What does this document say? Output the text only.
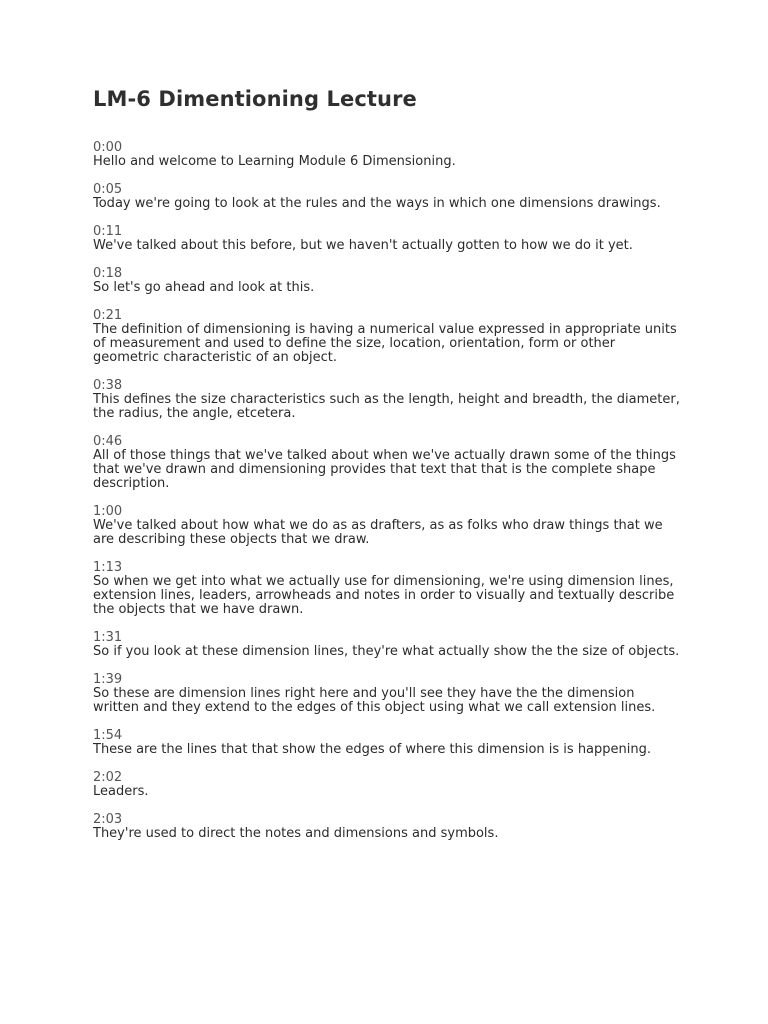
LM-6 Dimentioning Lecture
0:00
Hello and welcome to Learning Module 6 Dimensioning.
0:05
Today we're going to look at the rules and the ways in which one dimensions drawings.
0:11
We've talked about this before, but we haven't actually gotten to how we do it yet.
0:18
So let's go ahead and look at this.
0:21
The definition of dimensioning is having a numerical value expressed in appropriate units of measurement and used to define the size, location, orientation, form or other geometric characteristic of an object.
0:38
This defines the size characteristics such as the length, height and breadth, the diameter, the radius, the angle, etcetera.
0:46
All of those things that we've talked about when we've actually drawn some of the things that we've drawn and dimensioning provides that text that that is the complete shape description.
1:00
We've talked about how what we do as as drafters, as as folks who draw things that we are describing these objects that we draw.
1:13
So when we get into what we actually use for dimensioning, we're using dimension lines, extension lines, leaders, arrowheads and notes in order to visually and textually describe the objects that we have drawn.
1:31
So if you look at these dimension lines, they're what actually show the the size of objects.
1:39
So these are dimension lines right here and you'll see they have the the dimension written and they extend to the edges of this object using what we call extension lines.
1:54
These are the lines that that show the edges of where this dimension is is happening.
2:02
Leaders.
2:03
They're used to direct the notes and dimensions and symbols.
